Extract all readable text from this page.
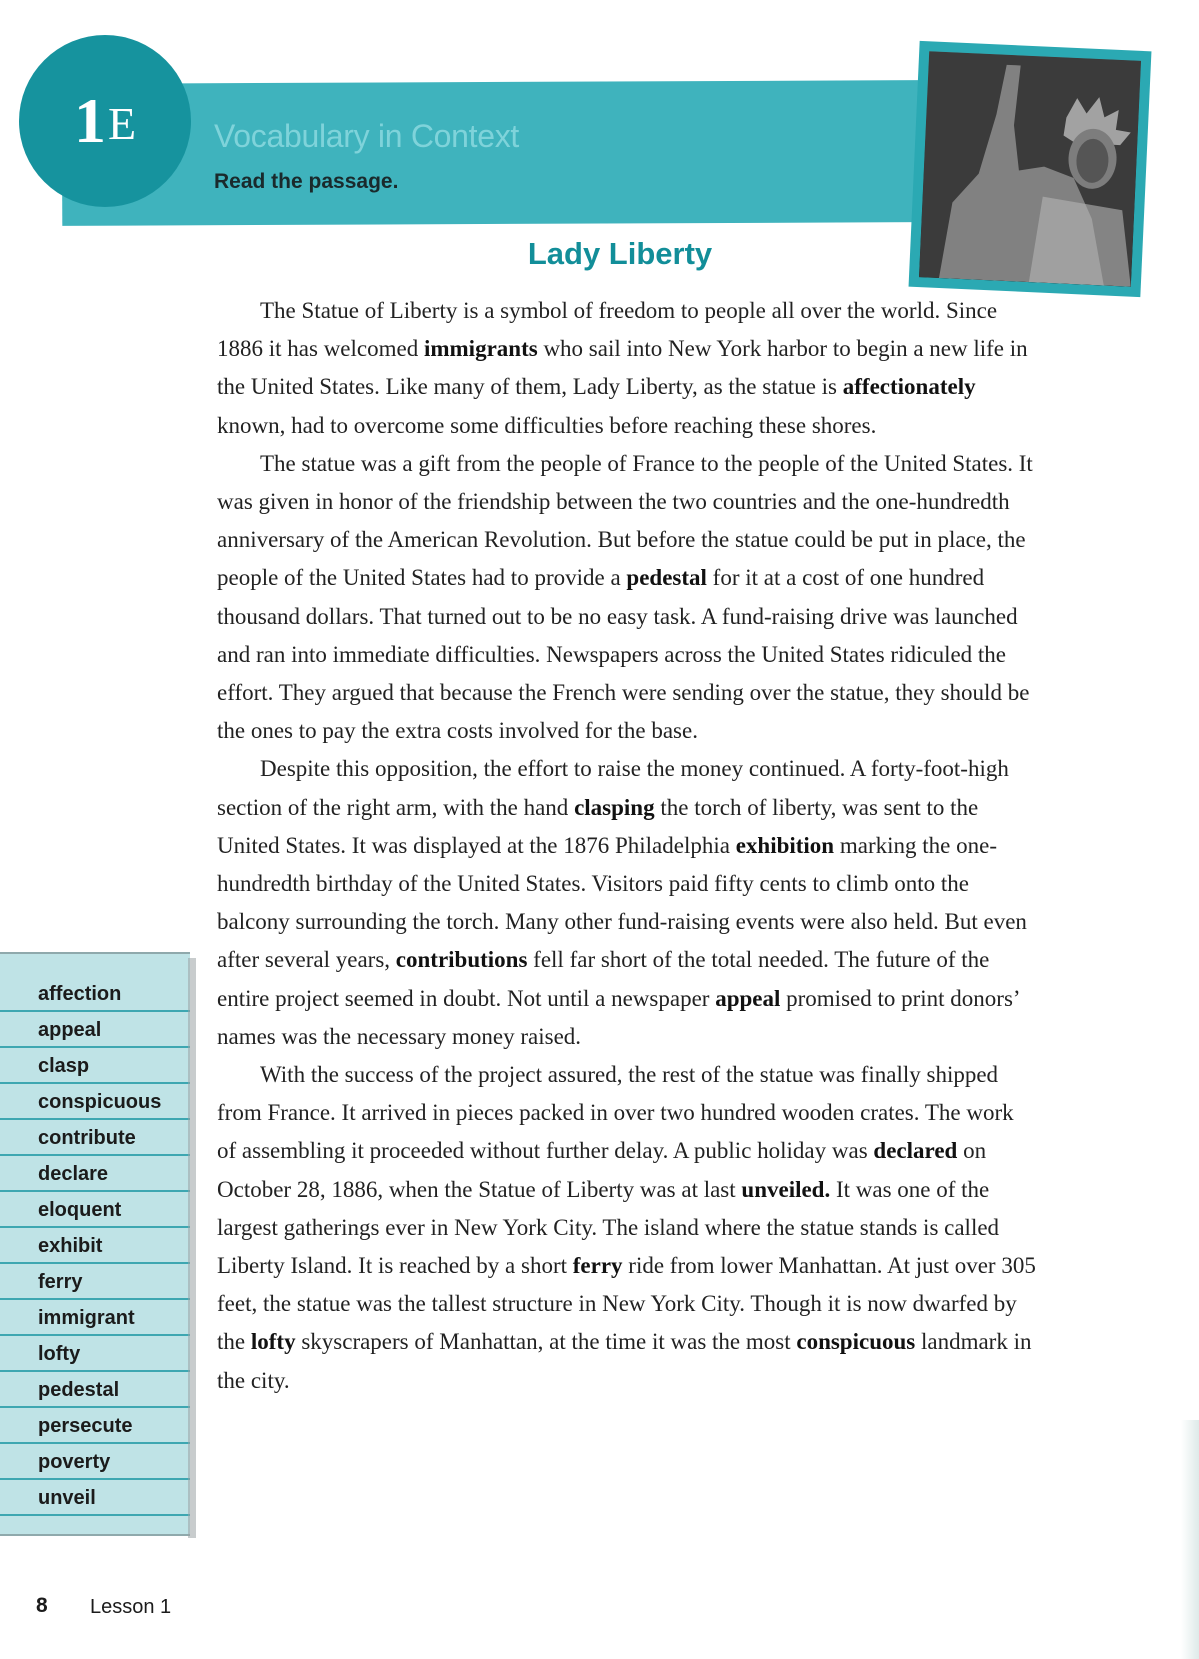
1 E Vocabulary in Context

Read the passage.

Lady Liberty

The Statue of Liberty is a symbol of freedom to people all over the world. Since 1886 it has welcomed immigrants who sail into New York harbor to begin a new life in the United States. Like many of them, Lady Liberty, as the statue is affectionately known, had to overcome some difficulties before reaching these shores.

The statue was a gift from the people of France to the people of the United States. It was given in honor of the friendship between the two countries and the one-hundredth anniversary of the American Revolution. But before the statue could be put in place, the people of the United States had to provide a pedestal for it at a cost of one hundred thousand dollars. That turned out to be no easy task. A fund-raising drive was launched and ran into immediate difficulties. Newspapers across the United States ridiculed the effort. They argued that because the French were sending over the statue, they should be the ones to pay the extra costs involved for the base.

Despite this opposition, the effort to raise the money continued. A forty-foot-high section of the right arm, with the hand clasping the torch of liberty, was sent to the United States. It was displayed at the 1876 Philadelphia exhibition marking the one-hundredth birthday of the United States. Visitors paid fifty cents to climb onto the balcony surrounding the torch. Many other fund-raising events were also held. But even after several years, contributions fell far short of the total needed. The future of the entire project seemed in doubt. Not until a newspaper appeal promised to print donors’ names was the necessary money raised.

With the success of the project assured, the rest of the statue was finally shipped from France. It arrived in pieces packed in over two hundred wooden crates. The work of assembling it proceeded without further delay. A public holiday was declared on October 28, 1886, when the Statue of Liberty was at last unveiled. It was one of the largest gatherings ever in New York City. The island where the statue stands is called Liberty Island. It is reached by a short ferry ride from lower Manhattan. At just over 305 feet, the statue was the tallest structure in New York City. Though it is now dwarfed by the lofty skyscrapers of Manhattan, at the time it was the most conspicuous landmark in the city.

affection
appeal
clasp
conspicuous
contribute
declare
eloquent
exhibit
ferry
immigrant
lofty
pedestal
persecute
poverty
unveil
8 Lesson 1
